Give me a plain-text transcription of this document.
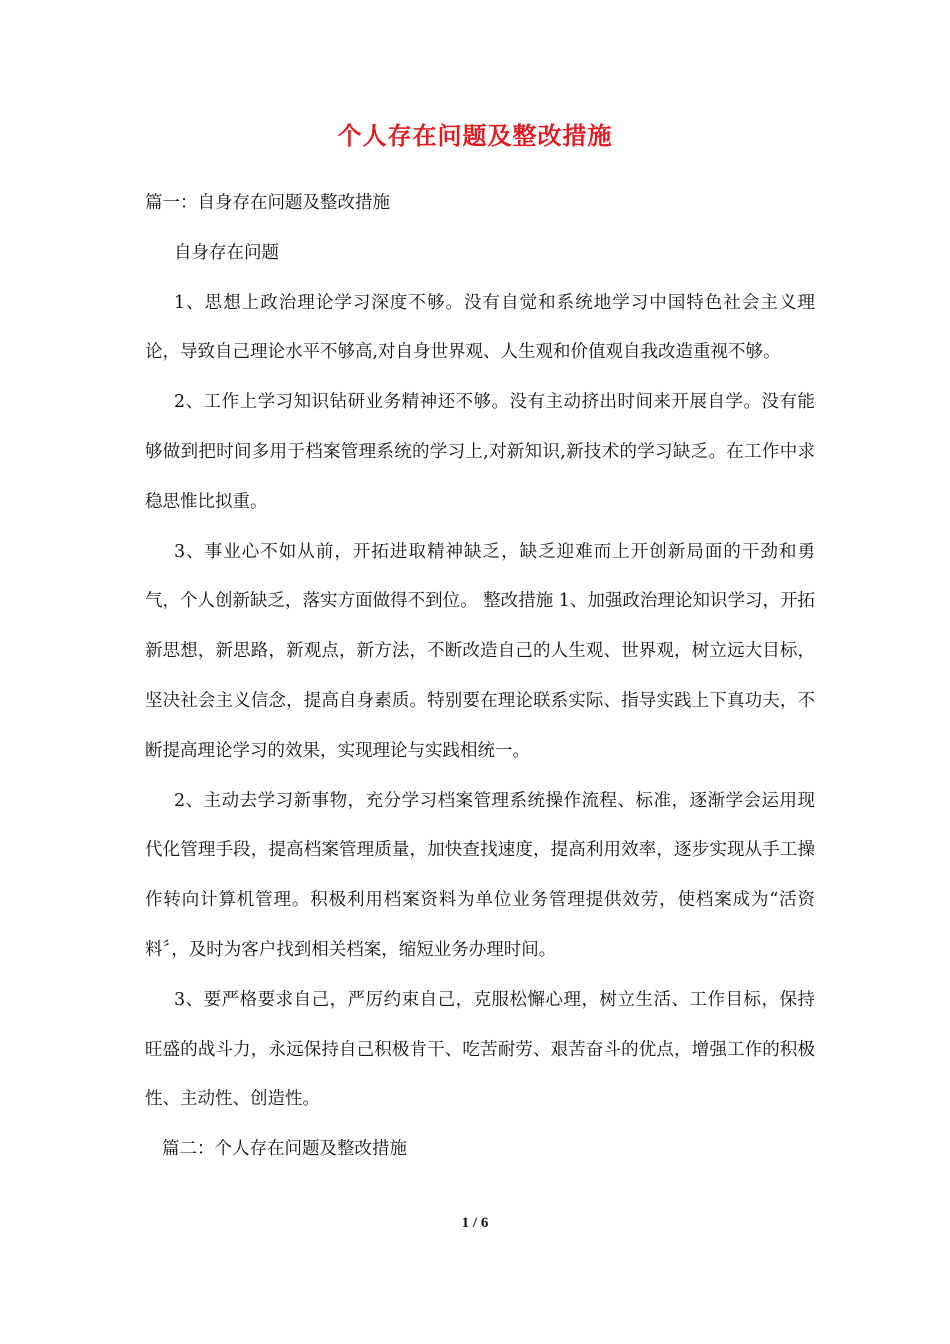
个人存在问题及整改措施

篇一：自身存在问题及整改措施

自身存在问题

1、思想上政治理论学习深度不够。没有自觉和系统地学习中国特色社会主义理论，导致自己理论水平不够高,对自身世界观、人生观和价值观自我改造重视不够。

2、工作上学习知识钻研业务精神还不够。没有主动挤出时间来开展自学。没有能够做到把时间多用于档案管理系统的学习上,对新知识,新技术的学习缺乏。在工作中求稳思惟比拟重。

3、事业心不如从前，开拓进取精神缺乏，缺乏迎难而上开创新局面的干劲和勇气，个人创新缺乏，落实方面做得不到位。 整改措施 1、加强政治理论知识学习，开拓新思想，新思路，新观点，新方法，不断改造自己的人生观、世界观，树立远大目标，坚决社会主义信念，提高自身素质。特别要在理论联系实际、指导实践上下真功夫，不断提高理论学习的效果，实现理论与实践相统一。

2、主动去学习新事物，充分学习档案管理系统操作流程、标准，逐渐学会运用现代化管理手段，提高档案管理质量，加快查找速度，提高利用效率，逐步实现从手工操作转向计算机管理。积极利用档案资料为单位业务管理提供效劳，使档案成为“活资料〞，及时为客户找到相关档案，缩短业务办理时间。

3、要严格要求自己，严厉约束自己，克服松懈心理，树立生活、工作目标，保持旺盛的战斗力，永远保持自己积极肯干、吃苦耐劳、艰苦奋斗的优点，增强工作的积极性、主动性、创造性。

篇二：个人存在问题及整改措施

1 / 6
